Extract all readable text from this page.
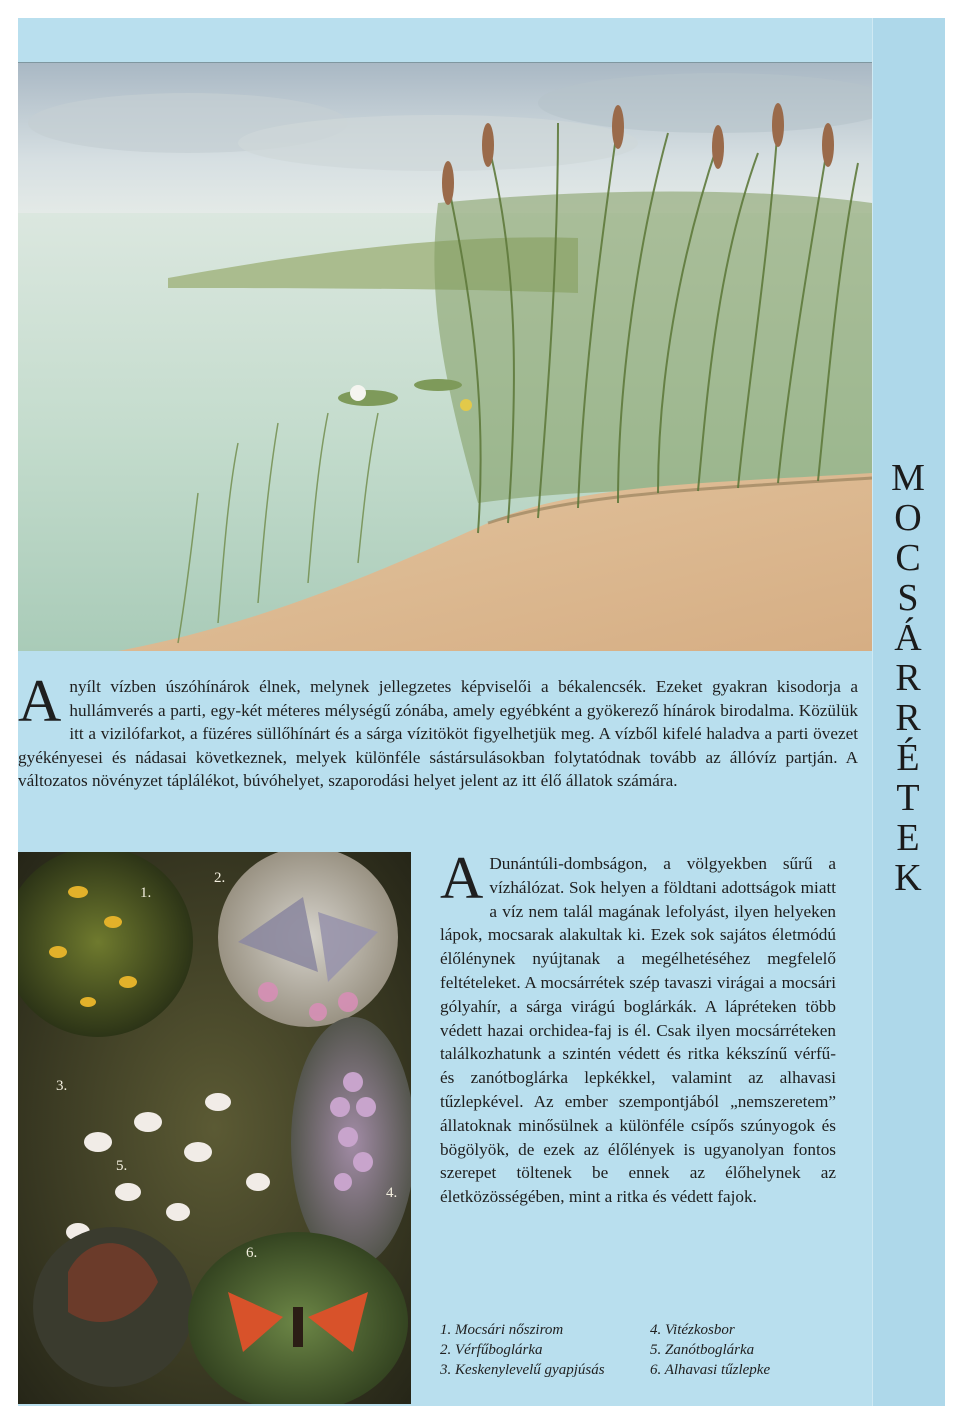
M
O
C
S
Á
R
R
É
T
E
K
A nyílt vízben úszóhínárok élnek, melynek jellegzetes képviselői a békalencsék. Ezeket gyakran kisodorja a hullámverés a parti, egy-két méteres mélységű zónába, amely egyébként a gyökerező hínárok birodalma. Közülük itt a vizilófarkot, a füzéres süllőhínárt és a sárga vízitököt figyelhetjük meg. A vízből kifelé haladva a parti övezet gyékényesei és nádasai következnek, melyek különféle sástársulásokban folytatódnak tovább az állóvíz partján. A változatos növényzet táplálékot, búvóhelyet, szaporodási helyet jelent az itt élő állatok számára.
1.
2.
3.
4.
5.
6.

A Dunántúli-dombságon, a völgyekben sűrű a vízhálózat. Sok helyen a földtani adottságok miatt a víz nem talál magának lefolyást, ilyen helyeken lápok, mocsarak alakultak ki. Ezek sok sajátos életmódú élőlénynek nyújtanak a megélhetéséhez megfelelő feltételeket. A mocsárrétek szép tavaszi virágai a mocsári gólyahír, a sárga virágú boglárkák. A lápréteken több védett hazai orchidea-faj is él. Csak ilyen mocsárréteken találkozhatunk a szintén védett és ritka kékszínű vérfű- és zanótboglárka lepkékkel, valamint az alhavasi tűzlepkével. Az ember szempontjából „nemszeretem” állatoknak minősülnek a különféle csípős szúnyogok és bögölyök, de ezek az élőlények is ugyanolyan fontos szerepet töltenek be ennek az élőhelynek az életközösségében, mint a ritka és védett fajok.

1. Mocsári nőszirom	4. Vitézkosbor
2. Vérfűboglárka	5. Zanótboglárka
3. Keskenylevelű gyapjúsás	6. Alhavasi tűzlepke
